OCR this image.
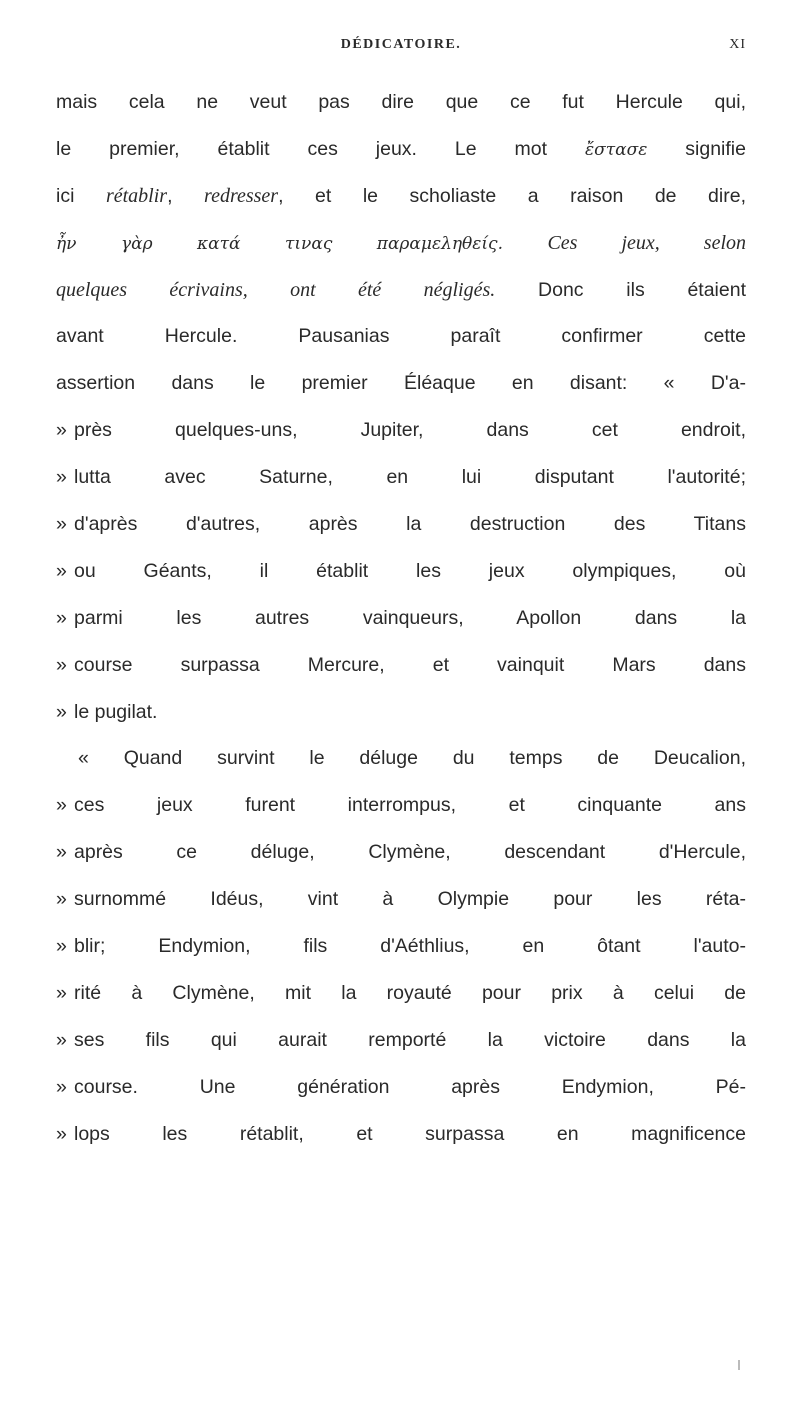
DÉDICATOIRE.	XI
mais cela ne veut pas dire que ce fut Hercule qui,
le premier, établit ces jeux. Le mot ἔστασε signifie
ici rétablir, redresser, et le scholiaste a raison de dire,
ἦν γὰρ κατά τινας παραμεληθείς. Ces jeux, selon
quelques écrivains, ont été négligés. Donc ils étaient
avant Hercule. Pausanias paraît confirmer cette
assertion dans le premier Éléaque en disant: « D'a-
» près quelques-uns, Jupiter, dans cet endroit,
» lutta avec Saturne, en lui disputant l'autorité;
» d'après d'autres, après la destruction des Titans
» ou Géants, il établit les jeux olympiques, où
» parmi les autres vainqueurs, Apollon dans la
» course surpassa Mercure, et vainquit Mars dans
» le pugilat.
« Quand survint le déluge du temps de Deucalion,
» ces jeux furent interrompus, et cinquante ans
» après ce déluge, Clymène, descendant d'Hercule,
» surnommé Idéus, vint à Olympie pour les réta-
» blir; Endymion, fils d'Aéthlius, en ôtant l'auto-
» rité à Clymène, mit la royauté pour prix à celui de
» ses fils qui aurait remporté la victoire dans la
» course. Une génération après Endymion, Pé-
» lops les rétablit, et surpassa en magnificence
